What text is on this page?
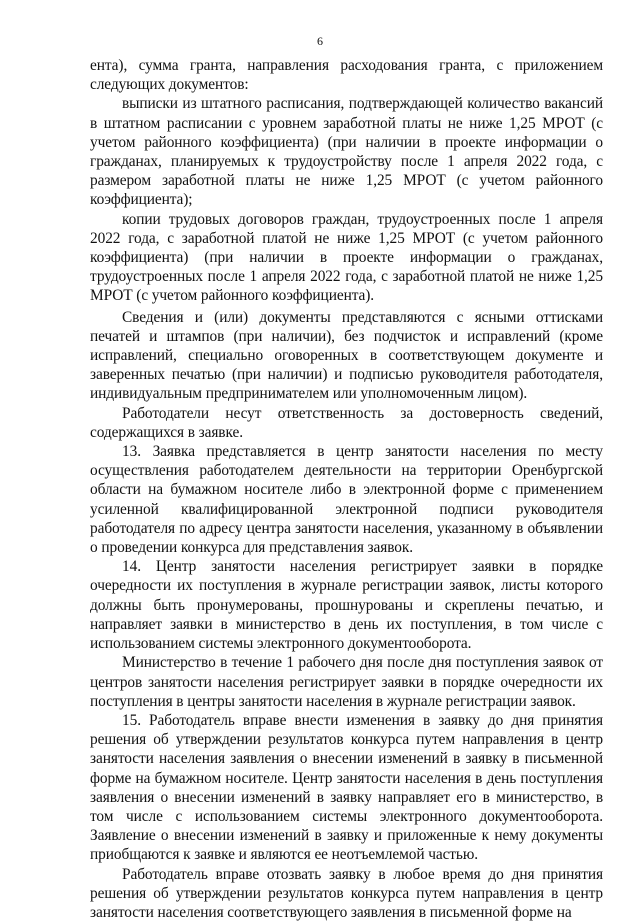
6

ента), сумма гранта, направления расходования гранта, с приложением следующих документов:

выписки из штатного расписания, подтверждающей количество вакансий в штатном расписании с уровнем заработной платы не ниже 1,25 МРОТ (с учетом районного коэффициента) (при наличии в проекте информации о гражданах, планируемых к трудоустройству после 1 апреля 2022 года, с размером заработной платы не ниже 1,25 МРОТ (с учетом районного коэффициента);

копии трудовых договоров граждан, трудоустроенных после 1 апреля 2022 года, с заработной платой не ниже 1,25 МРОТ (с учетом районного коэффициента) (при наличии в проекте информации о гражданах, трудоустроенных после 1 апреля 2022 года, с заработной платой не ниже 1,25 МРОТ (с учетом районного коэффициента).

Сведения и (или) документы представляются с ясными оттисками печатей и штампов (при наличии), без подчисток и исправлений (кроме исправлений, специально оговоренных в соответствующем документе и заверенных печатью (при наличии) и подписью руководителя работодателя, индивидуальным предпринимателем или уполномоченным лицом).

Работодатели несут ответственность за достоверность сведений, содержащихся в заявке.

13. Заявка представляется в центр занятости населения по месту осуществления работодателем деятельности на территории Оренбургской области на бумажном носителе либо в электронной форме с применением усиленной квалифицированной электронной подписи руководителя работодателя по адресу центра занятости населения, указанному в объявлении о проведении конкурса для представления заявок.

14. Центр занятости населения регистрирует заявки в порядке очередности их поступления в журнале регистрации заявок, листы которого должны быть пронумерованы, прошнурованы и скреплены печатью, и направляет заявки в министерство в день их поступления, в том числе с использованием системы электронного документооборота.

Министерство в течение 1 рабочего дня после дня поступления заявок от центров занятости населения регистрирует заявки в порядке очередности их поступления в центры занятости населения в журнале регистрации заявок.

15. Работодатель вправе внести изменения в заявку до дня принятия решения об утверждении результатов конкурса путем направления в центр занятости населения заявления о внесении изменений в заявку в письменной форме на бумажном носителе. Центр занятости населения в день поступления заявления о внесении изменений в заявку направляет его в министерство, в том числе с использованием системы электронного документооборота. Заявление о внесении изменений в заявку и приложенные к нему документы приобщаются к заявке и являются ее неотъемлемой частью.

Работодатель вправе отозвать заявку в любое время до дня принятия решения об утверждении результатов конкурса путем направления в центр занятости населения соответствующего заявления в письменной форме на
